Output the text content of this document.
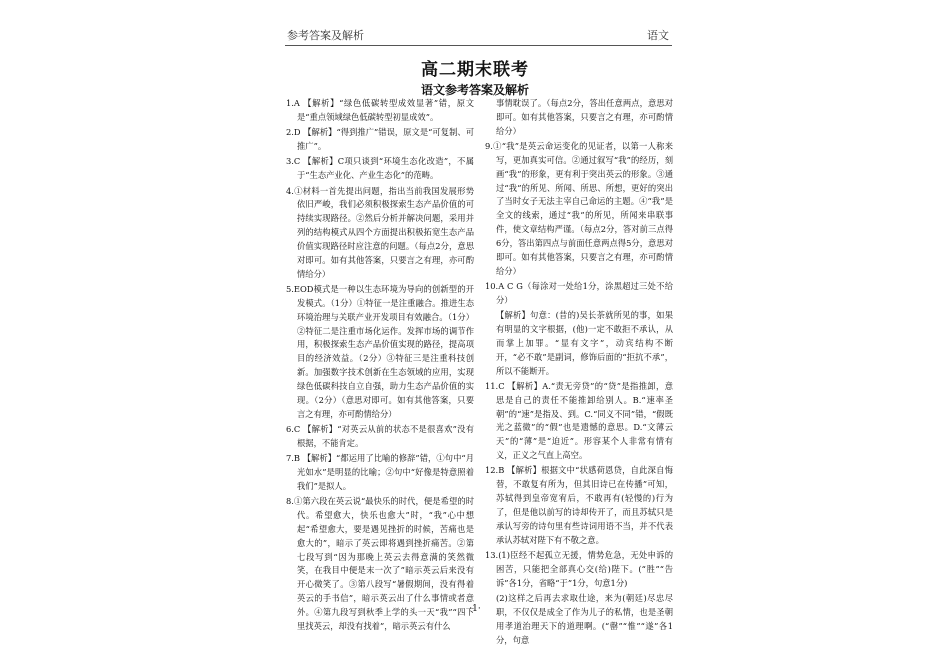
参考答案及解析	语文
高二期末联考
语文参考答案及解析
1.A 【解析】“绿色低碳转型成效显著”错，原文是“重点领域绿色低碳转型初显成效”。
2.D 【解析】“得到推广”错误，原文是“可复制、可推广”。
3.C 【解析】C项只谈到“环境生态化改造”，不属于“生态产业化、产业生态化”的范畴。
4.①材料一首先提出问题，指出当前我国发展形势依旧严峻，我们必须积极探索生态产品价值的可持续实现路径。②然后分析并解决问题，采用并列的结构模式从四个方面提出积极拓宽生态产品价值实现路径时应注意的问题。（每点2分，意思对即可。如有其他答案，只要言之有理，亦可酌情给分）
5.EOD模式是一种以生态环境为导向的创新型的开发模式。（1分）①特征一是注重融合。推进生态环境治理与关联产业开发项目有效融合。（1分）②特征二是注重市场化运作。发挥市场的调节作用，积极探索生态产品价值实现的路径，提高项目的经济效益。（2分）③特征三是注重科技创新。加强数字技术创新在生态领域的应用，实现绿色低碳科技自立自强，助力生态产品价值的实现。（2分）（意思对即可。如有其他答案，只要言之有理，亦可酌情给分）
6.C 【解析】“对英云从前的状态不是很喜欢”没有根据，不能肯定。
7.B 【解析】“都运用了比喻的修辞”错，①句中“月光如水”是明显的比喻；②句中“好像是特意照着我们”是拟人。
8.①第六段在英云说“最快乐的时代，便是希望的时代。希望愈大，快乐也愈大”时，“我”心中想起“希望愈大，要是遇见挫折的时候，苦痛也是愈大的”，暗示了英云即将遇到挫折痛苦。②第七段写到“因为那晚上英云去得意满的笑然微笑，在我目中便是末一次了”暗示英云后来没有开心微笑了。③第八段写“暑假期间，没有得着英云的手书信”，暗示英云出了什么事情或者意外。④第九段写到秋季上学的头一天“我”“四下里找英云，却没有找着”，暗示英云有什么
事情耽误了。（每点2分，答出任意两点，意思对即可。如有其他答案，只要言之有理，亦可酌情给分）
9.①“我”是英云命运变化的见证者，以第一人称来写，更加真实可信。②通过叙写“我”的经历，刻画“我”的形象，更有利于突出英云的形象。③通过“我”的所见、所闻、所思、所想，更好的突出了当时女子无法主宰自己命运的主题。④“我”是全文的线索，通过“我”的所见，所闻来串联事件，使文章结构严谨。（每点2分，答对前三点得6分，答出第四点与前面任意两点得5分，意思对即可。如有其他答案，只要言之有理，亦可酌情给分）
10.A C G（每涂对一处给1分，涂黑超过三处不给分）
【解析】句意：(昔的)吴长荼就所见的事，如果有明显的文字根据，(他)一定不敢拒不承认，从而掌上加罪。“显有文字”，动宾结构不断开，“必不敢”是副词，修饰后面的“拒抗不承”，所以不能断开。
11.C 【解析】A.“责无旁贷”的“贷”是指推卸，意思是自己的责任不能推卸给别人。B.“速率圣朝”的“速”是指及、到。C.“同义不同”错，“假既光之蓝微”的“假”也是遗憾的意思。D.“文薄云天”的“薄”是“迫近”。形容某个人非常有情有义，正义之气直上高空。
12.B 【解析】根据文中“状感荷恩贷，自此深自悔替，不敢复有所为，但其旧诗已在传播”可知，苏轼得到皇帝宽宥后，不敢再有(轻慢的)行为了，但是他以前写的诗却传开了，而且苏轼只是承认写旁的诗句里有些诗词用语不当，并不代表承认苏轼对陛下有不敬之意。
13.(1)臣经不起孤立无援，情势危急，无处申诉的困苦，只能把全部真心交(给)陛下。(“胜”“告诉”各1分，省略“于”1分，句意1分)
(2)这样之后再去求取仕途，来为(朝廷)尽忠尽职，不仅仅是成全了作为儿子的私情，也是圣朝用孝道治理天下的道理啊。(“罄”“惟”“遂”各1分，句意
·1·
